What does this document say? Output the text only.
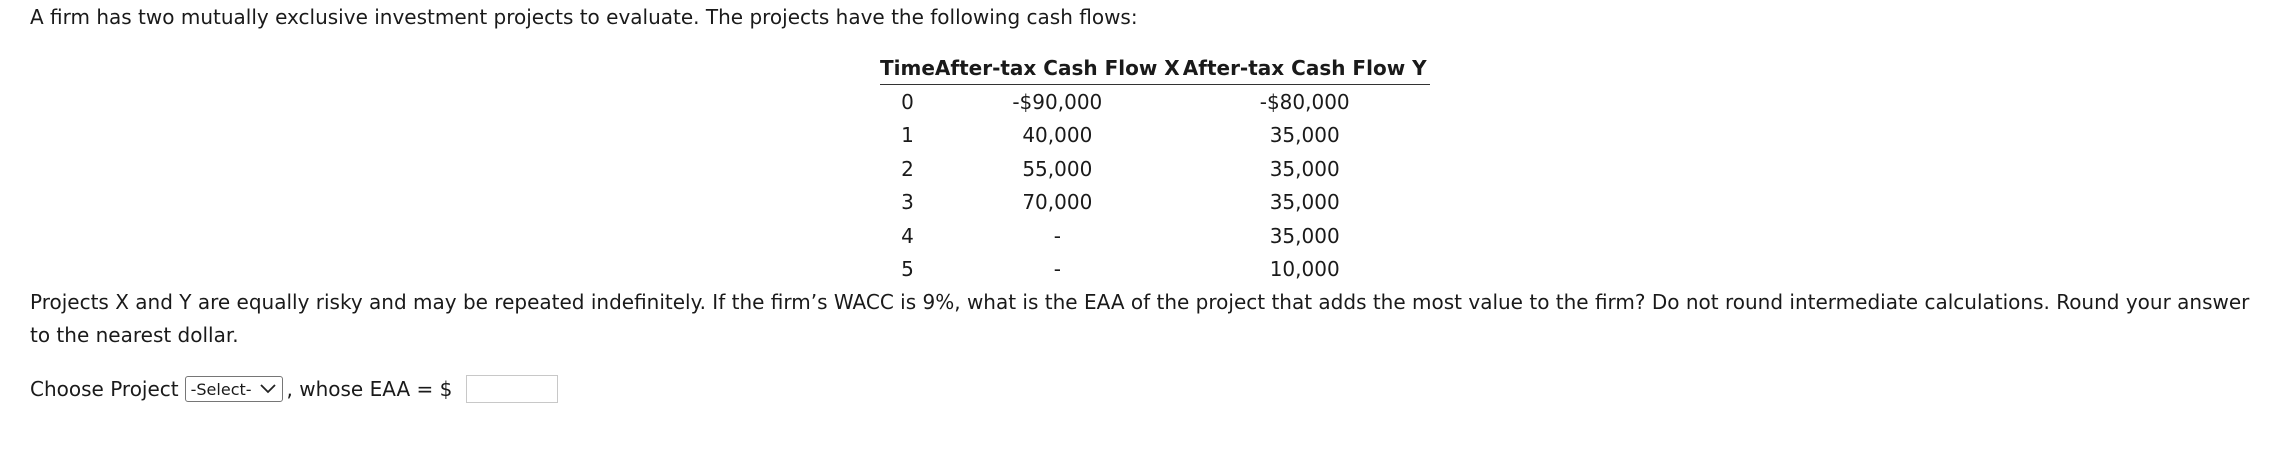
A firm has two mutually exclusive investment projects to evaluate. The projects have the following cash flows:

Time	After-tax Cash Flow X	After-tax Cash Flow Y
0	-$90,000	-$80,000
1	40,000	35,000
2	55,000	35,000
3	70,000	35,000
4	-	35,000
5	-	10,000

Projects X and Y are equally risky and may be repeated indefinitely. If the firm’s WACC is 9%, what is the EAA of the project that adds the most value to the firm? Do not round intermediate calculations. Round your answer to the nearest dollar.

Choose Project -Select- , whose EAA = $
